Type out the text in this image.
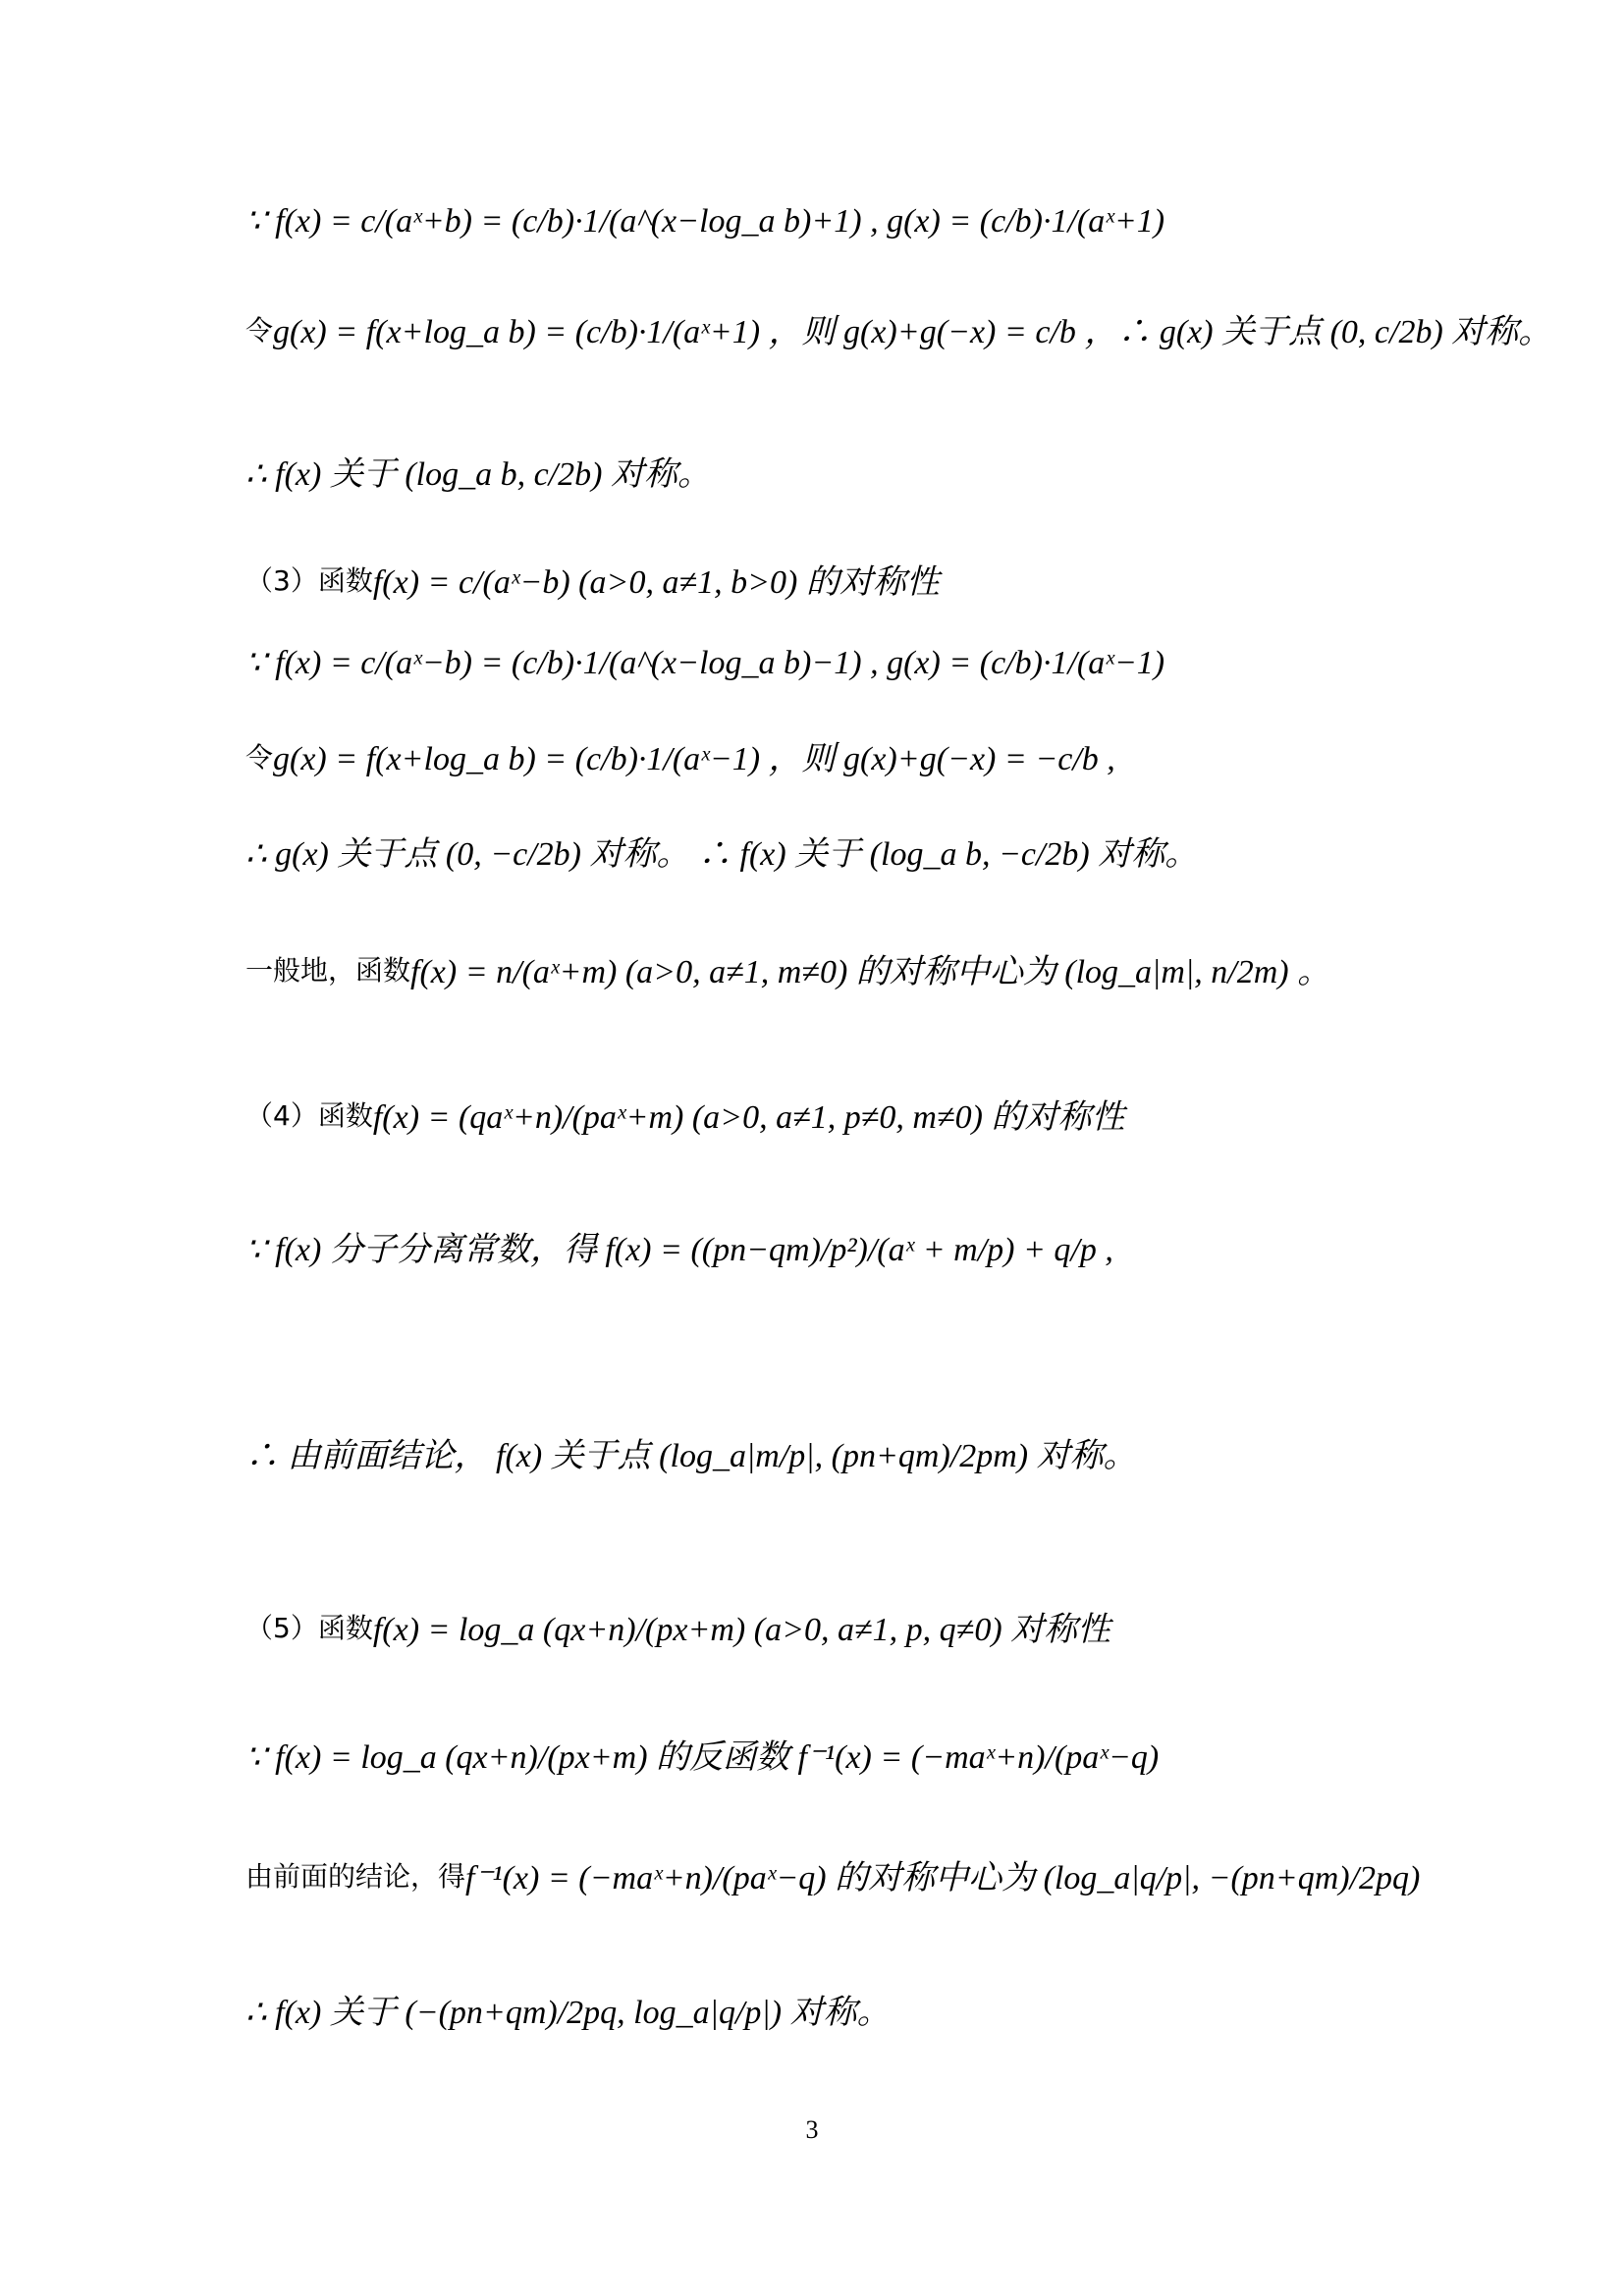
∵ f(x) = c/(aˣ+b) = (c/b)·1/(a^(x−log_a b)+1) , g(x) = (c/b)·1/(aˣ+1)
令 g(x) = f(x+log_a b) = (c/b)·1/(aˣ+1) ，则 g(x)+g(−x) = c/b ，∴ g(x) 关于点 (0, c/2b) 对称。
∴ f(x) 关于 (log_a b, c/2b) 对称。
（3）函数 f(x) = c/(aˣ−b) (a>0, a≠1, b>0) 的对称性
∵ f(x) = c/(aˣ−b) = (c/b)·1/(a^(x−log_a b)−1) , g(x) = (c/b)·1/(aˣ−1)
令 g(x) = f(x+log_a b) = (c/b)·1/(aˣ−1) ，则 g(x)+g(−x) = −c/b ,
∴ g(x) 关于点 (0, −c/2b) 对称。 ∴ f(x) 关于 (log_a b, −c/2b) 对称。
一般地，函数 f(x) = n/(aˣ+m) (a>0, a≠1, m≠0) 的对称中心为 (log_a|m|, n/2m) 。
（4）函数 f(x) = (qaˣ+n)/(paˣ+m) (a>0, a≠1, p≠0, m≠0) 的对称性
∵ f(x) 分子分离常数，得 f(x) = ((pn−qm)/p²)/(aˣ + m/p) + q/p ,
∴ 由前面结论， f(x) 关于点 (log_a|m/p|, (pn+qm)/2pm) 对称。
（5）函数 f(x) = log_a (qx+n)/(px+m) (a>0, a≠1, p, q≠0) 对称性
∵ f(x) = log_a (qx+n)/(px+m) 的反函数 f⁻¹(x) = (−maˣ+n)/(paˣ−q)
由前面的结论，得 f⁻¹(x) = (−maˣ+n)/(paˣ−q) 的对称中心为 (log_a|q/p|, −(pn+qm)/2pq)
∴ f(x) 关于 (−(pn+qm)/2pq, log_a|q/p|) 对称。
3
